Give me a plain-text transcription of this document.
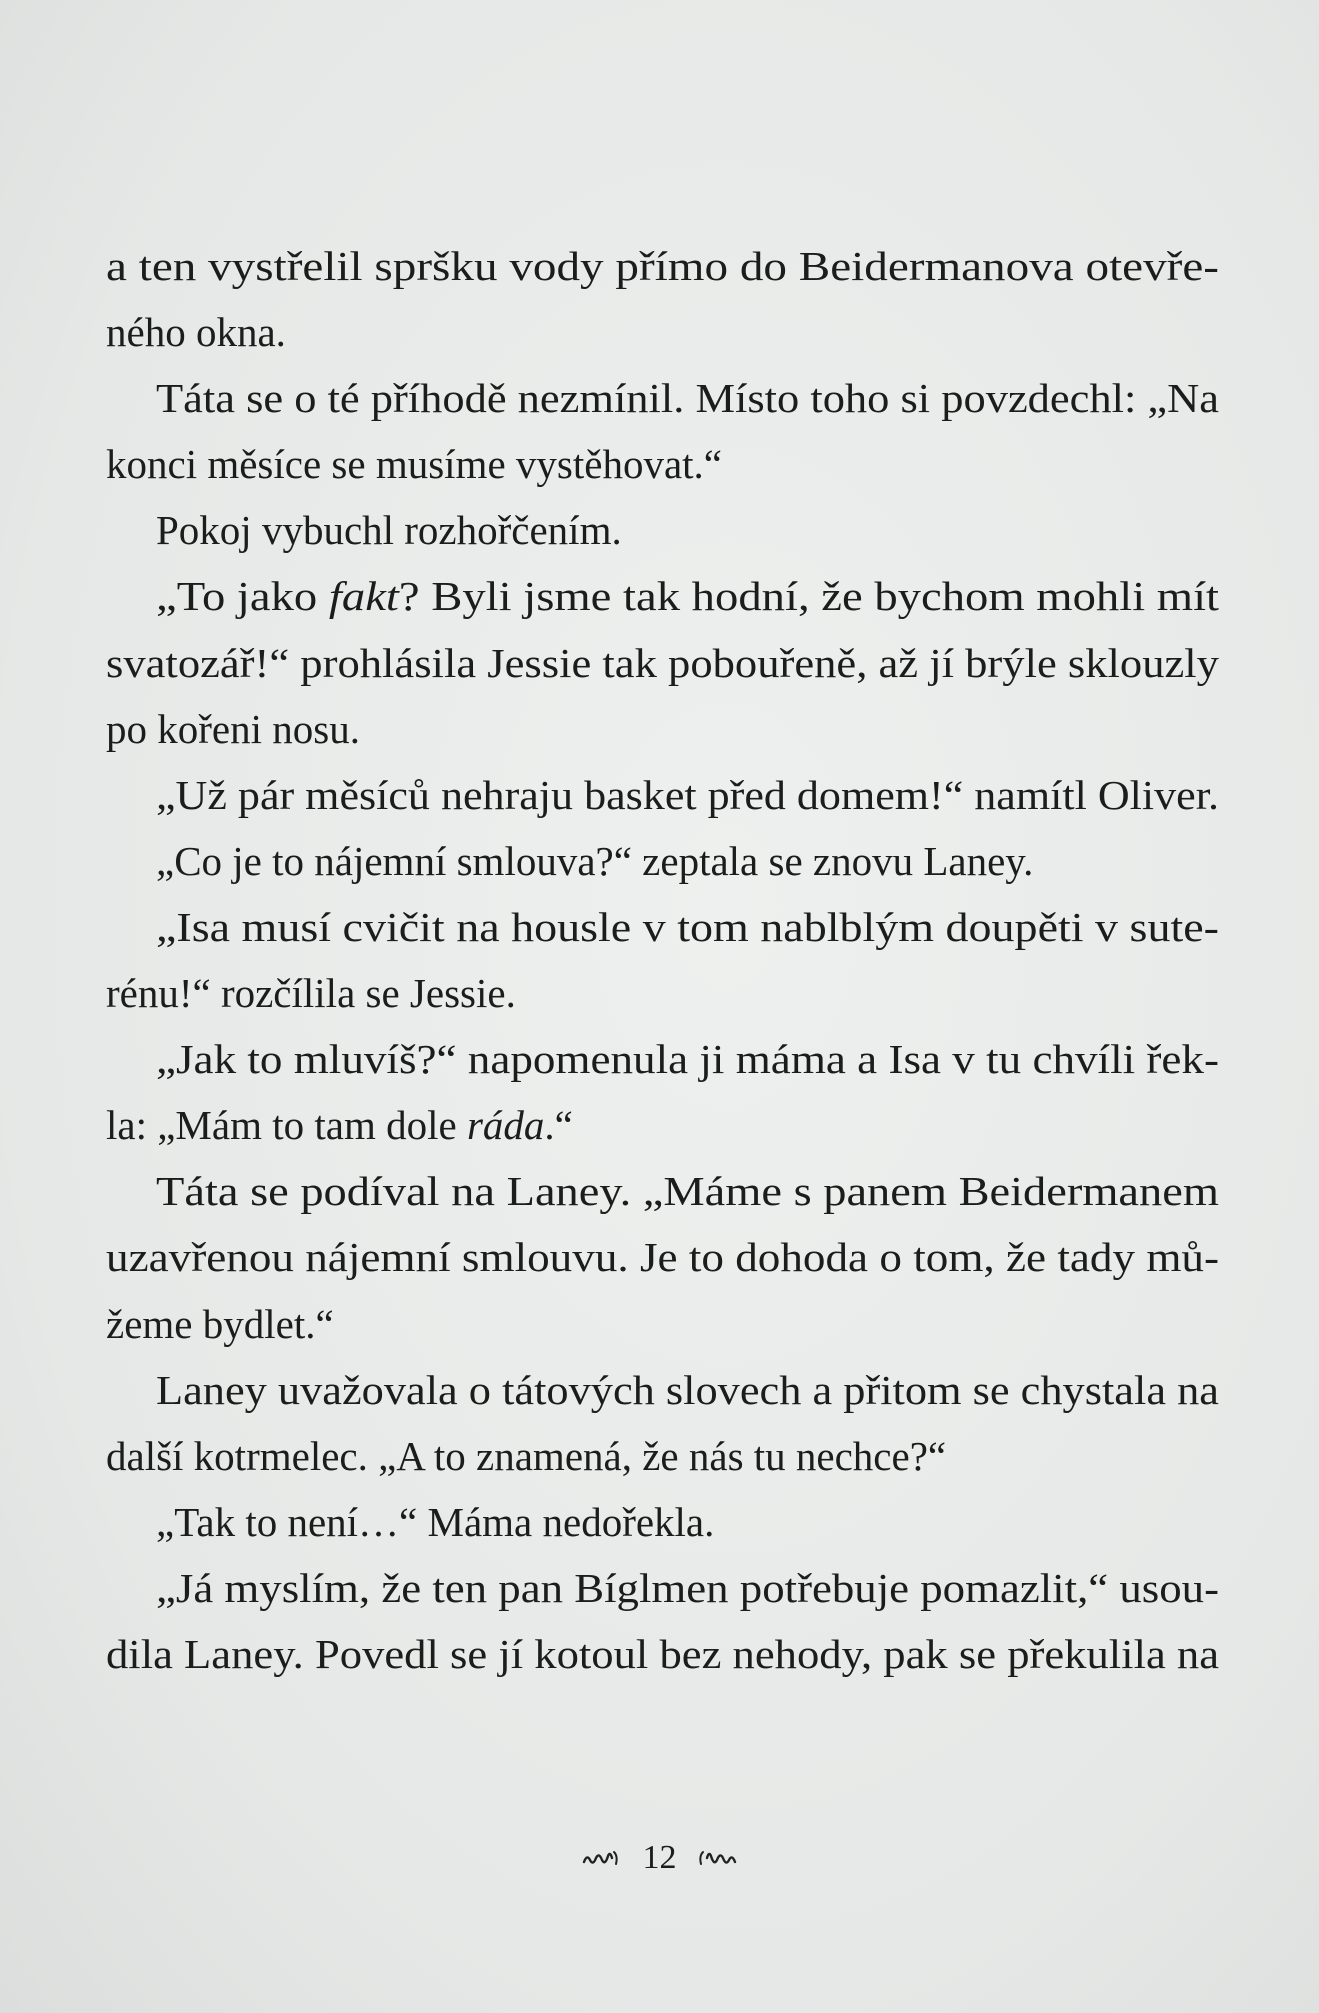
a ten vystřelil spršku vody přímo do Beidermanova otevře-
ného okna.
Táta se o té příhodě nezmínil. Místo toho si povzdechl: „Na
konci měsíce se musíme vystěhovat.“
Pokoj vybuchl rozhořčením.
„To jako fakt? Byli jsme tak hodní, že bychom mohli mít
svatozář!“ prohlásila Jessie tak pobouřeně, až jí brýle sklouzly
po kořeni nosu.
„Už pár měsíců nehraju basket před domem!“ namítl Oliver.
„Co je to nájemní smlouva?“ zeptala se znovu Laney.
„Isa musí cvičit na housle v tom nablblým doupěti v sute-
rénu!“ rozčílila se Jessie.
„Jak to mluvíš?“ napomenula ji máma a Isa v tu chvíli řek-
la: „Mám to tam dole ráda.“
Táta se podíval na Laney. „Máme s panem Beidermanem
uzavřenou nájemní smlouvu. Je to dohoda o tom, že tady mů-
žeme bydlet.“
Laney uvažovala o tátových slovech a přitom se chystala na
další kotrmelec. „A to znamená, že nás tu nechce?“
„Tak to není…“ Máma nedořekla.
„Já myslím, že ten pan Bíglmen potřebuje pomazlit,“ usou-
dila Laney. Povedl se jí kotoul bez nehody, pak se překulila na
12
